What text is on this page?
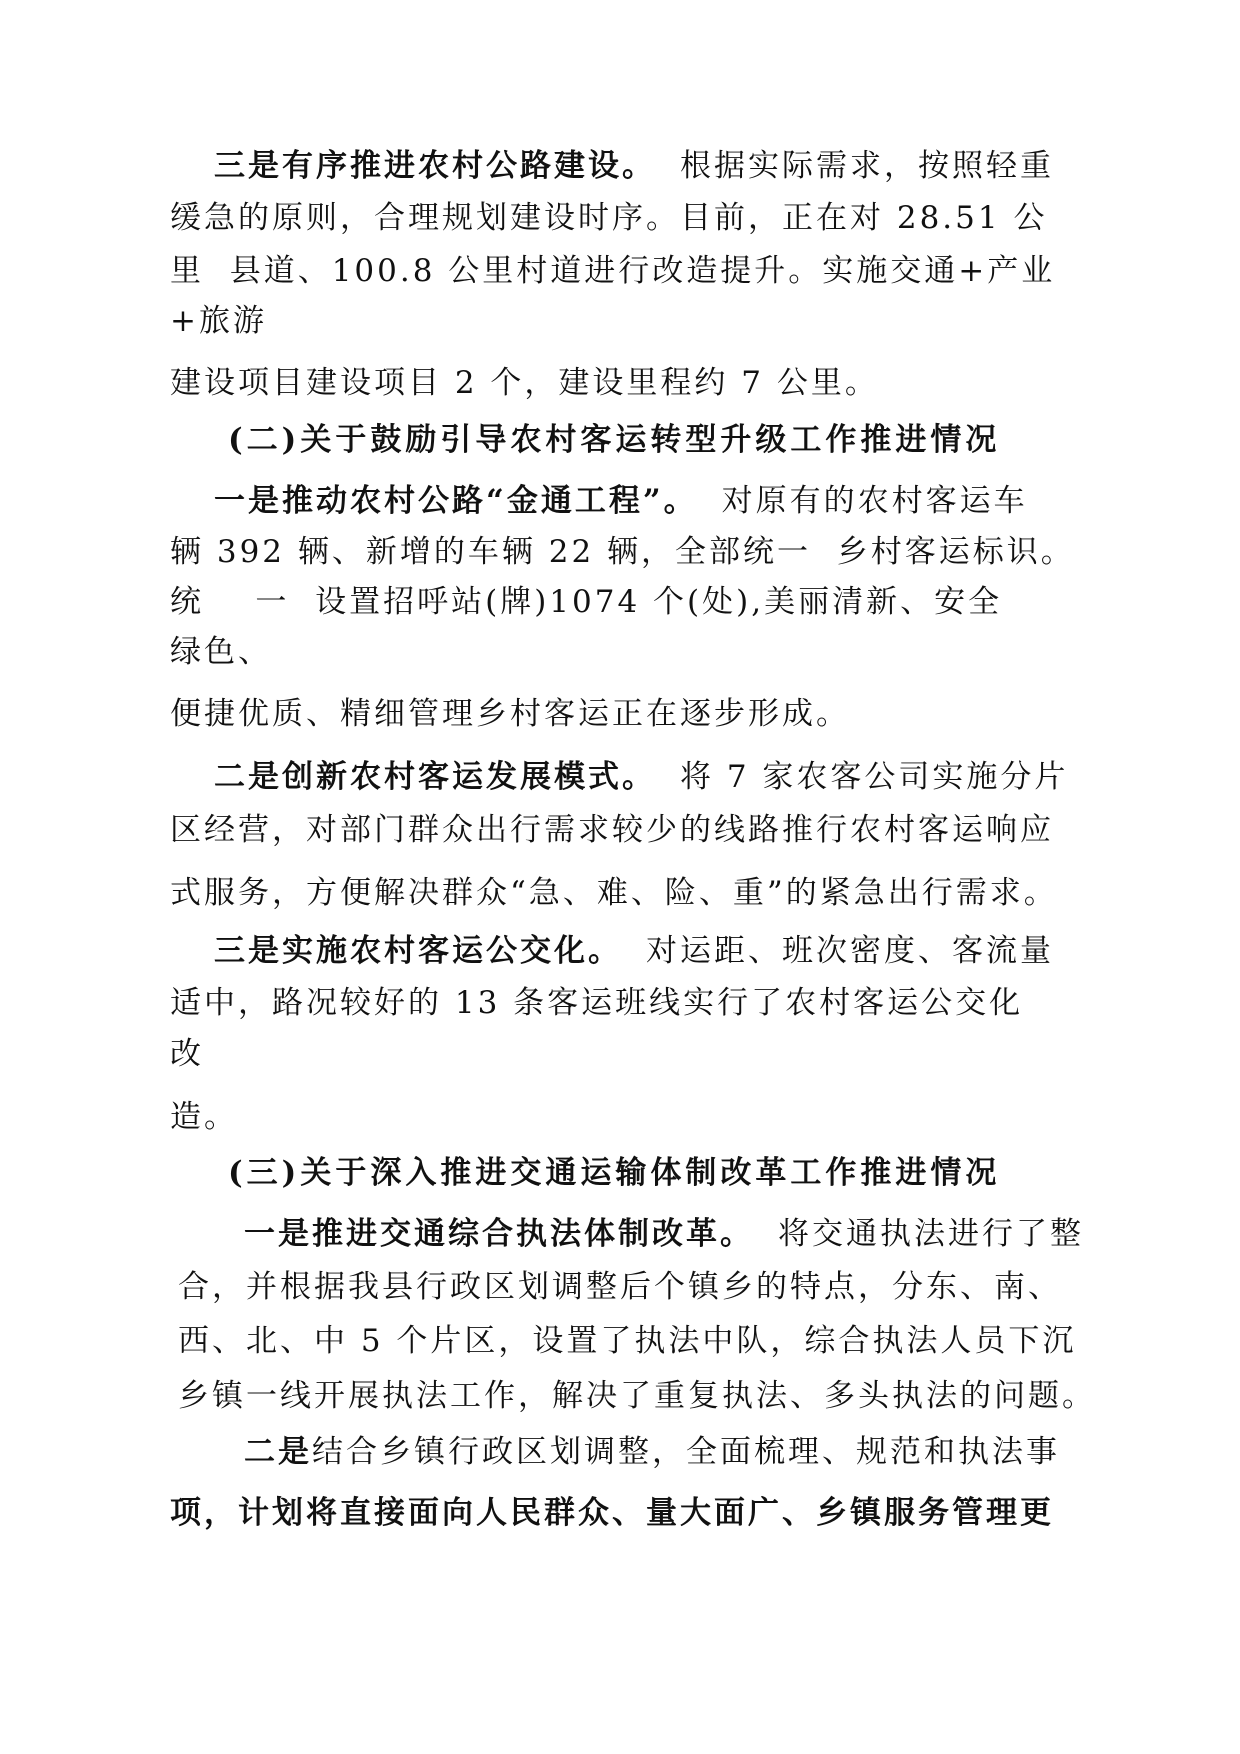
三是有序推进农村公路建设。 根据实际需求，按照轻重
缓急的原则，合理规划建设时序。目前，正在对 28.51 公
里  县道、100.8 公里村道进行改造提升。实施交通+产业
+旅游
建设项目建设项目 2 个，建设里程约 7 公里。
(二)关于鼓励引导农村客运转型升级工作推进情况
一是推动农村公路“金通工程”。 对原有的农村客运车
辆 392 辆、新增的车辆 22 辆，全部统一  乡村客运标识。
统    一  设置招呼站(牌)1074 个(处),美丽清新、安全
绿色、
便捷优质、精细管理乡村客运正在逐步形成。
二是创新农村客运发展模式。 将 7 家农客公司实施分片
区经营，对部门群众出行需求较少的线路推行农村客运响应
式服务，方便解决群众“急、难、险、重”的紧急出行需求。
三是实施农村客运公交化。 对运距、班次密度、客流量
适中，路况较好的 13 条客运班线实行了农村客运公交化
改
造。
(三)关于深入推进交通运输体制改革工作推进情况
一是推进交通综合执法体制改革。 将交通执法进行了整
合，并根据我县行政区划调整后个镇乡的特点，分东、南、
西、北、中 5 个片区，设置了执法中队，综合执法人员下沉
乡镇一线开展执法工作，解决了重复执法、多头执法的问题。
二是结合乡镇行政区划调整，全面梳理、规范和执法事
项，计划将直接面向人民群众、量大面广、乡镇服务管理更
